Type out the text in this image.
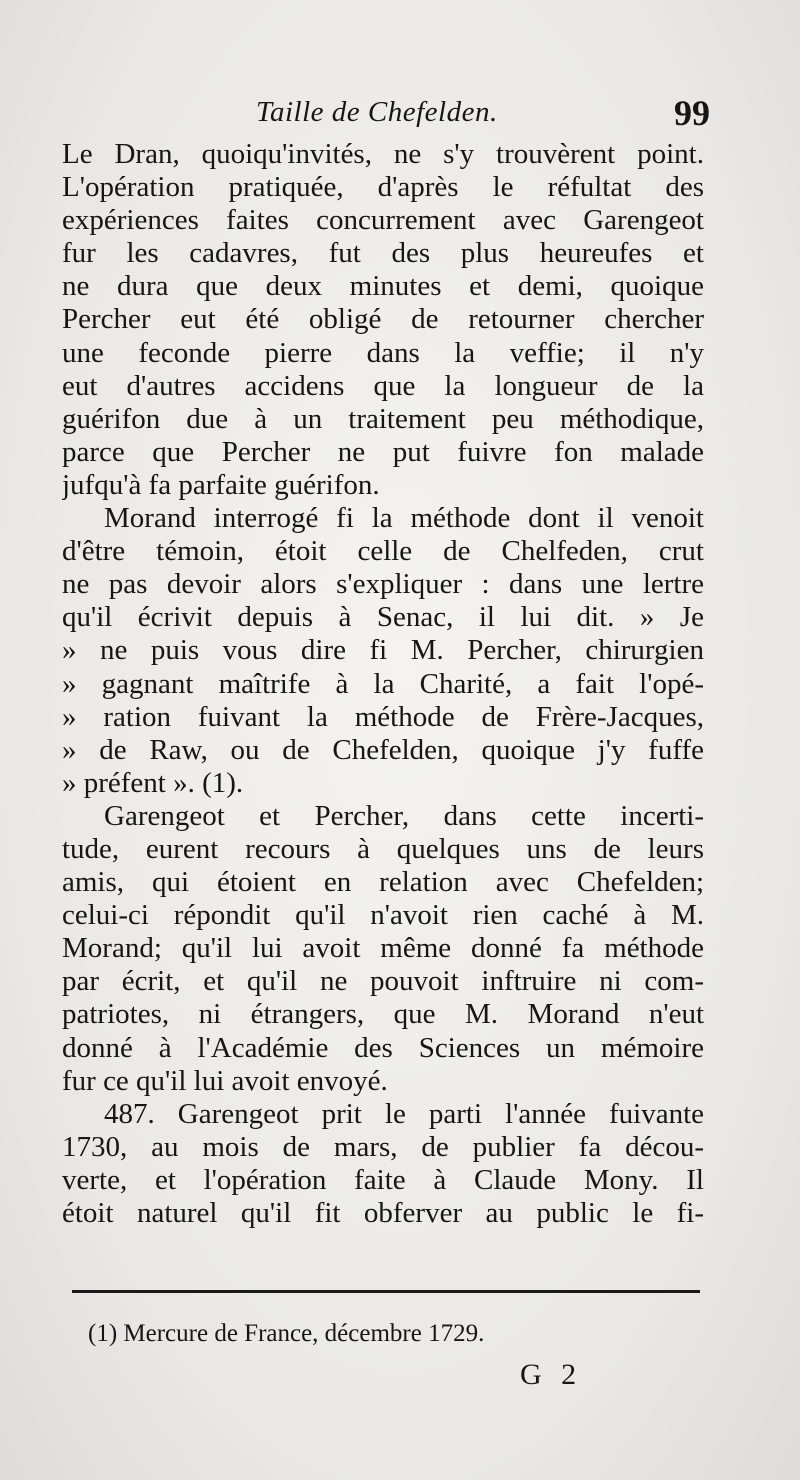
Taille de Chefelden.	99
Le Dran, quoiqu'invités, ne s'y trouvèrent point.
L'opération pratiquée, d'après le réfultat des
expériences faites concurrement avec Garengeot
fur les cadavres, fut des plus heureufes et
ne dura que deux minutes et demi, quoique
Percher eut été obligé de retourner chercher
une feconde pierre dans la veffie; il n'y
eut d'autres accidens que la longueur de la
guérifon due à un traitement peu méthodique,
parce que Percher ne put fuivre fon malade
jufqu'à fa parfaite guérifon.
Morand interrogé fi la méthode dont il venoit
d'être témoin, étoit celle de Chelfeden, crut
ne pas devoir alors s'expliquer : dans une lertre
qu'il écrivit depuis à Senac, il lui dit. » Je
» ne puis vous dire fi M. Percher, chirurgien
» gagnant maîtrife à la Charité, a fait l'opé-
» ration fuivant la méthode de Frère-Jacques,
» de Raw, ou de Chefelden, quoique j'y fuffe
» préfent ». (1).
Garengeot et Percher, dans cette incerti-
tude, eurent recours à quelques uns de leurs
amis, qui étoient en relation avec Chefelden;
celui-ci répondit qu'il n'avoit rien caché à M.
Morand; qu'il lui avoit même donné fa méthode
par écrit, et qu'il ne pouvoit inftruire ni com-
patriotes, ni étrangers, que M. Morand n'eut
donné à l'Académie des Sciences un mémoire
fur ce qu'il lui avoit envoyé.
487. Garengeot prit le parti l'année fuivante
1730, au mois de mars, de publier fa décou-
verte, et l'opération faite à Claude Mony. Il
étoit naturel qu'il fit obferver au public le fi-
(1) Mercure de France, décembre 1729.
G 2
